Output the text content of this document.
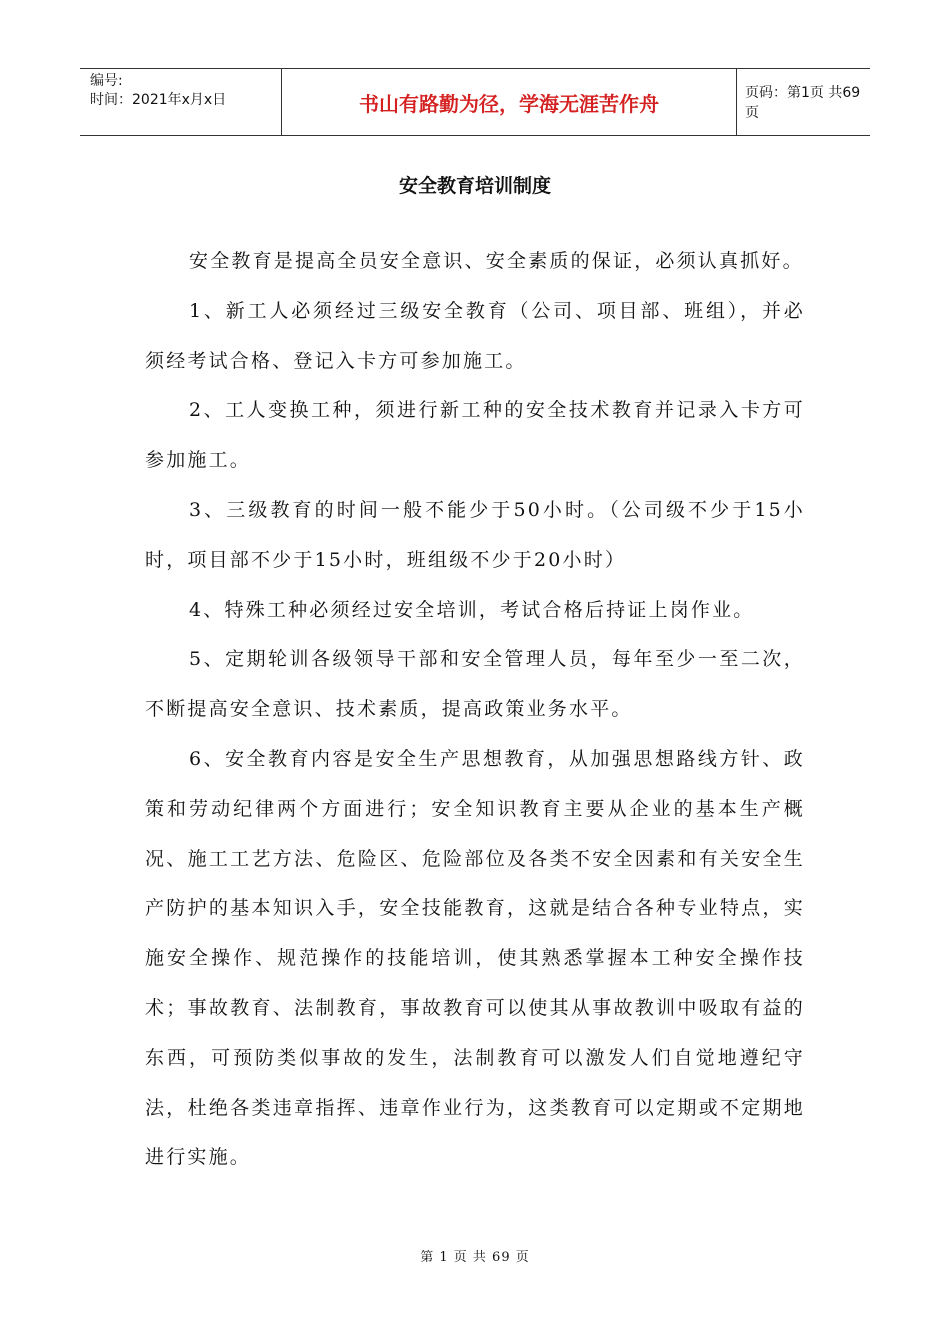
编号:
时间：2021年x月x日	书山有路勤为径，学海无涯苦作舟	页码：第1页 共69页
安全教育培训制度

安全教育是提高全员安全意识、安全素质的保证，必须认真抓好。

1、新工人必须经过三级安全教育（公司、项目部、班组），并必须经考试合格、登记入卡方可参加施工。

2、工人变换工种，须进行新工种的安全技术教育并记录入卡方可参加施工。

3、三级教育的时间一般不能少于50小时。（公司级不少于15小时，项目部不少于15小时，班组级不少于20小时）

4、特殊工种必须经过安全培训，考试合格后持证上岗作业。

5、定期轮训各级领导干部和安全管理人员，每年至少一至二次，不断提高安全意识、技术素质，提高政策业务水平。

6、安全教育内容是安全生产思想教育，从加强思想路线方针、政策和劳动纪律两个方面进行；安全知识教育主要从企业的基本生产概况、施工工艺方法、危险区、危险部位及各类不安全因素和有关安全生产防护的基本知识入手，安全技能教育，这就是结合各种专业特点，实施安全操作、规范操作的技能培训，使其熟悉掌握本工种安全操作技术；事故教育、法制教育，事故教育可以使其从事故教训中吸取有益的东西，可预防类似事故的发生，法制教育可以激发人们自觉地遵纪守法，杜绝各类违章指挥、违章作业行为，这类教育可以定期或不定期地进行实施。

第 1 页 共 69 页
